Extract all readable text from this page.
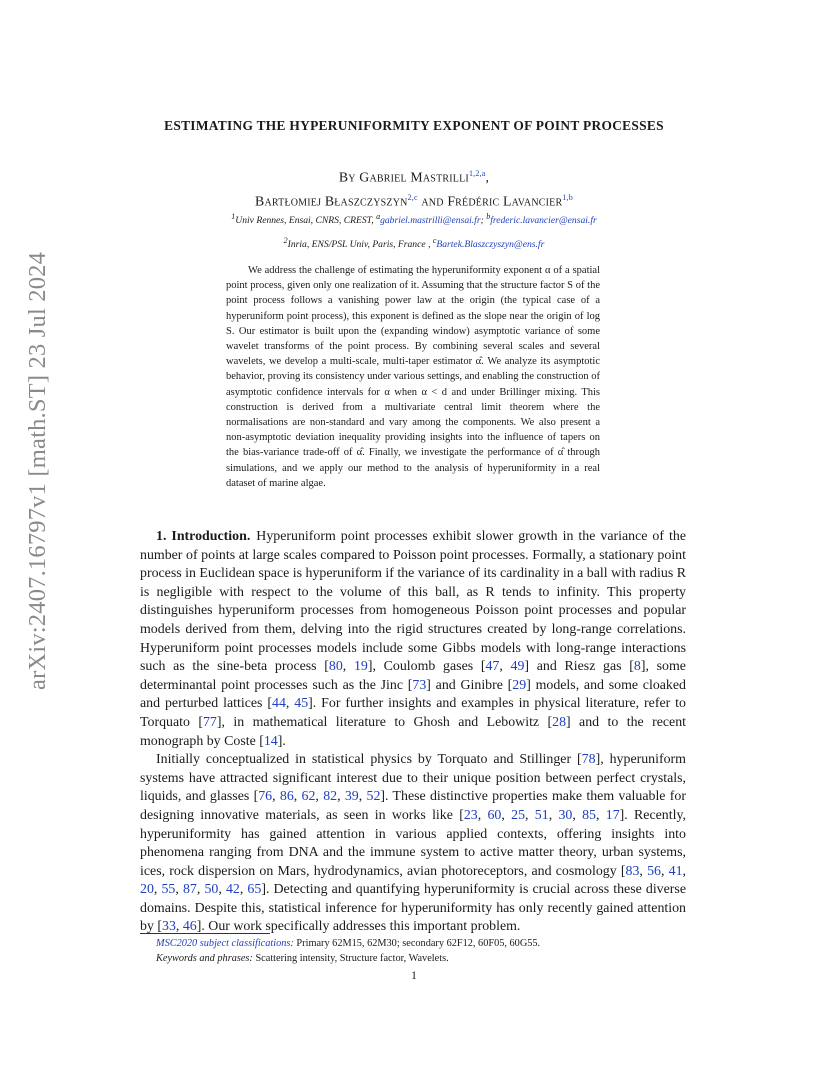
arXiv:2407.16797v1 [math.ST] 23 Jul 2024
ESTIMATING THE HYPERUNIFORMITY EXPONENT OF POINT PROCESSES
By Gabriel Mastrilli$^{1,2,a}$,
Bartłomiej Błaszczyszyn$^{2,c}$ and Frédéric Lavancier$^{1,b}$
$^1$Univ Rennes, Ensai, CNRS, CREST, $^a$gabriel.mastrilli@ensai.fr; $^b$frederic.lavancier@ensai.fr
$^2$Inria, ENS/PSL Univ, Paris, France , $^c$Bartek.Blaszczyszyn@ens.fr

We address the challenge of estimating the hyperuniformity exponent α of a spatial point process, given only one realization of it. Assuming that the structure factor S of the point process follows a vanishing power law at the origin (the typical case of a hyperuniform point process), this exponent is defined as the slope near the origin of log S. Our estimator is built upon the (expanding window) asymptotic variance of some wavelet transforms of the point process. By combining several scales and several wavelets, we develop a multi-scale, multi-taper estimator α̂. We analyze its asymptotic behavior, proving its consistency under various settings, and enabling the construction of asymptotic confidence intervals for α when α < d and under Brillinger mixing. This construction is derived from a multivariate central limit theorem where the normalisations are non-standard and vary among the components. We also present a non-asymptotic deviation inequality providing insights into the influence of tapers on the bias-variance trade-off of α̂. Finally, we investigate the performance of α̂ through simulations, and we apply our method to the analysis of hyperuniformity in a real dataset of marine algae.

1. Introduction. Hyperuniform point processes exhibit slower growth in the variance of the number of points at large scales compared to Poisson point processes. Formally, a stationary point process in Euclidean space is hyperuniform if the variance of its cardinality in a ball with radius R is negligible with respect to the volume of this ball, as R tends to infinity. This property distinguishes hyperuniform processes from homogeneous Poisson point processes and popular models derived from them, delving into the rigid structures created by long-range correlations. Hyperuniform point processes models include some Gibbs models with long-range interactions such as the sine-beta process [80, 19], Coulomb gases [47, 49] and Riesz gas [8], some determinantal point processes such as the Jinc [73] and Ginibre [29] models, and some cloaked and perturbed lattices [44, 45]. For further insights and examples in physical literature, refer to Torquato [77], in mathematical literature to Ghosh and Lebowitz [28] and to the recent monograph by Coste [14].

Initially conceptualized in statistical physics by Torquato and Stillinger [78], hyperuniform systems have attracted significant interest due to their unique position between perfect crystals, liquids, and glasses [76, 86, 62, 82, 39, 52]. These distinctive properties make them valuable for designing innovative materials, as seen in works like [23, 60, 25, 51, 30, 85, 17]. Recently, hyperuniformity has gained attention in various applied contexts, offering insights into phenomena ranging from DNA and the immune system to active matter theory, urban systems, ices, rock dispersion on Mars, hydrodynamics, avian photoreceptors, and cosmology [83, 56, 41, 20, 55, 87, 50, 42, 65]. Detecting and quantifying hyperuniformity is crucial across these diverse domains. Despite this, statistical inference for hyperuniformity has only recently gained attention by [33, 46]. Our work specifically addresses this important problem.

MSC2020 subject classifications: Primary 62M15, 62M30; secondary 62F12, 60F05, 60G55.
Keywords and phrases: Scattering intensity, Structure factor, Wavelets.
1
